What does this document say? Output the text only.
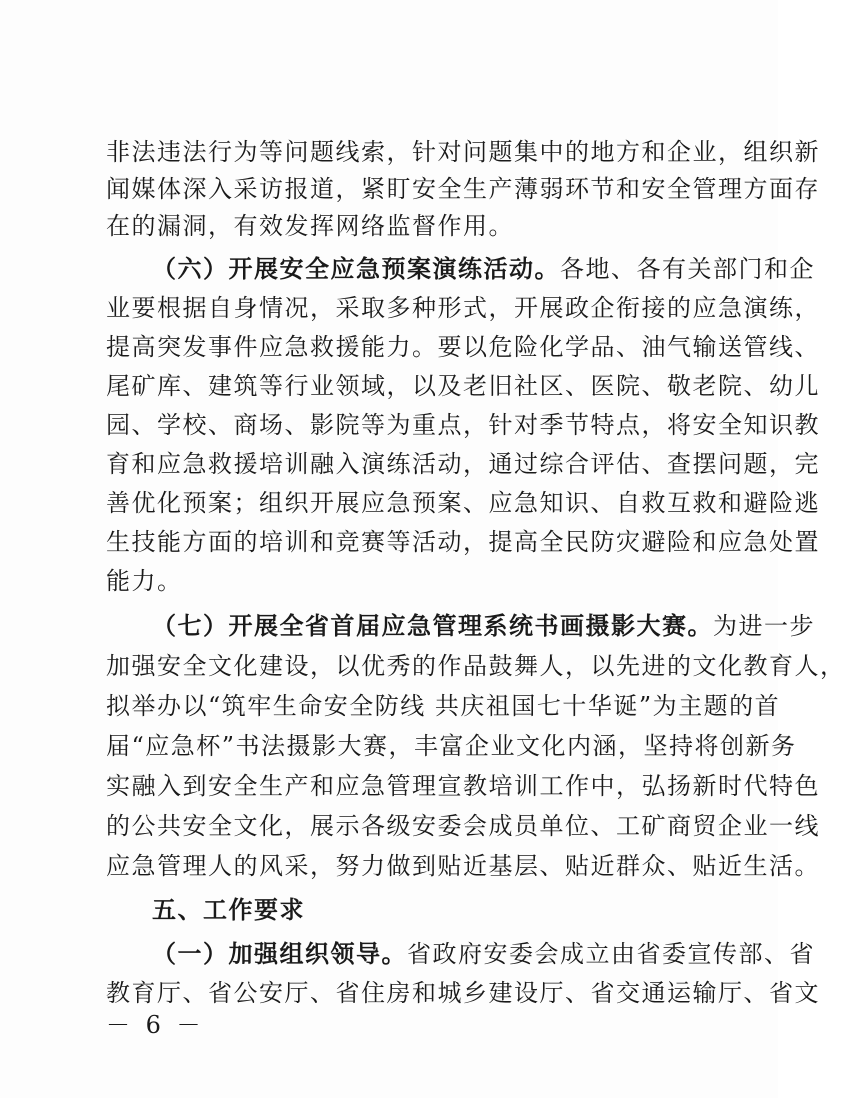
非法违法行为等问题线索，针对问题集中的地方和企业，组织新
闻媒体深入采访报道，紧盯安全生产薄弱环节和安全管理方面存
在的漏洞，有效发挥网络监督作用。
（六）开展安全应急预案演练活动。各地、各有关部门和企
业要根据自身情况，采取多种形式，开展政企衔接的应急演练，
提高突发事件应急救援能力。要以危险化学品、油气输送管线、
尾矿库、建筑等行业领域，以及老旧社区、医院、敬老院、幼儿
园、学校、商场、影院等为重点，针对季节特点，将安全知识教
育和应急救援培训融入演练活动，通过综合评估、查摆问题，完
善优化预案；组织开展应急预案、应急知识、自救互救和避险逃
生技能方面的培训和竞赛等活动，提高全民防灾避险和应急处置
能力。
（七）开展全省首届应急管理系统书画摄影大赛。为进一步
加强安全文化建设，以优秀的作品鼓舞人，以先进的文化教育人，
拟举办以“筑牢生命安全防线 共庆祖国七十华诞”为主题的首
届“应急杯”书法摄影大赛，丰富企业文化内涵，坚持将创新务
实融入到安全生产和应急管理宣教培训工作中，弘扬新时代特色
的公共安全文化，展示各级安委会成员单位、工矿商贸企业一线
应急管理人的风采，努力做到贴近基层、贴近群众、贴近生活。
五、工作要求
（一）加强组织领导。省政府安委会成立由省委宣传部、省
教育厅、省公安厅、省住房和城乡建设厅、省交通运输厅、省文
－ 6 －
